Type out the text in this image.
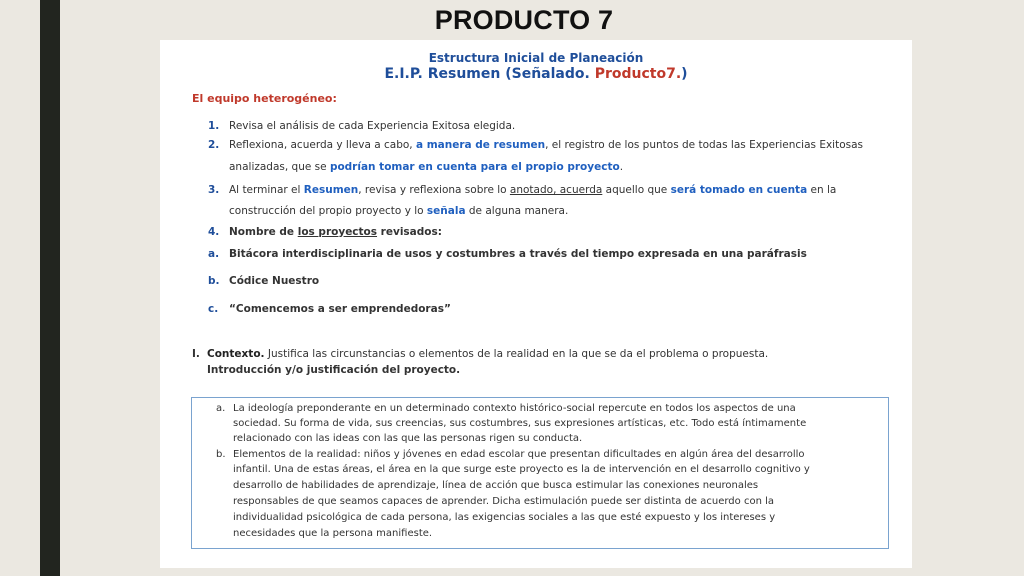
PRODUCTO 7
Estructura Inicial de Planeación
E.I.P. Resumen (Señalado. Producto7.)
El equipo heterogéneo:
1. Revisa el análisis de cada Experiencia Exitosa elegida.
2. Reflexiona, acuerda y lleva a cabo, a manera de resumen, el registro de los puntos de todas las Experiencias Exitosas
analizadas, que se podrían tomar en cuenta para el propio proyecto.
3. Al terminar el Resumen, revisa y reflexiona sobre lo anotado, acuerda aquello que será tomado en cuenta en la
construcción del propio proyecto y lo señala de alguna manera.
4. Nombre de los proyectos revisados:
a. Bitácora interdisciplinaria de usos y costumbres a través del tiempo expresada en una paráfrasis
b. Códice Nuestro
c. “Comencemos a ser emprendedoras”
I. Contexto. Justifica las circunstancias o elementos de la realidad en la que se da el problema o propuesta.
Introducción y/o justificación del proyecto.
a. La ideología preponderante en un determinado contexto histórico-social repercute en todos los aspectos de una
sociedad. Su forma de vida, sus creencias, sus costumbres, sus expresiones artísticas, etc. Todo está íntimamente
relacionado con las ideas con las que las personas rigen su conducta.
b. Elementos de la realidad: niños y jóvenes en edad escolar que presentan dificultades en algún área del desarrollo
infantil. Una de estas áreas, el área en la que surge este proyecto es la de intervención en el desarrollo cognitivo y
desarrollo de habilidades de aprendizaje, línea de acción que busca estimular las conexiones neuronales
responsables de que seamos capaces de aprender. Dicha estimulación puede ser distinta de acuerdo con la
individualidad psicológica de cada persona, las exigencias sociales a las que esté expuesto y los intereses y
necesidades que la persona manifieste.
